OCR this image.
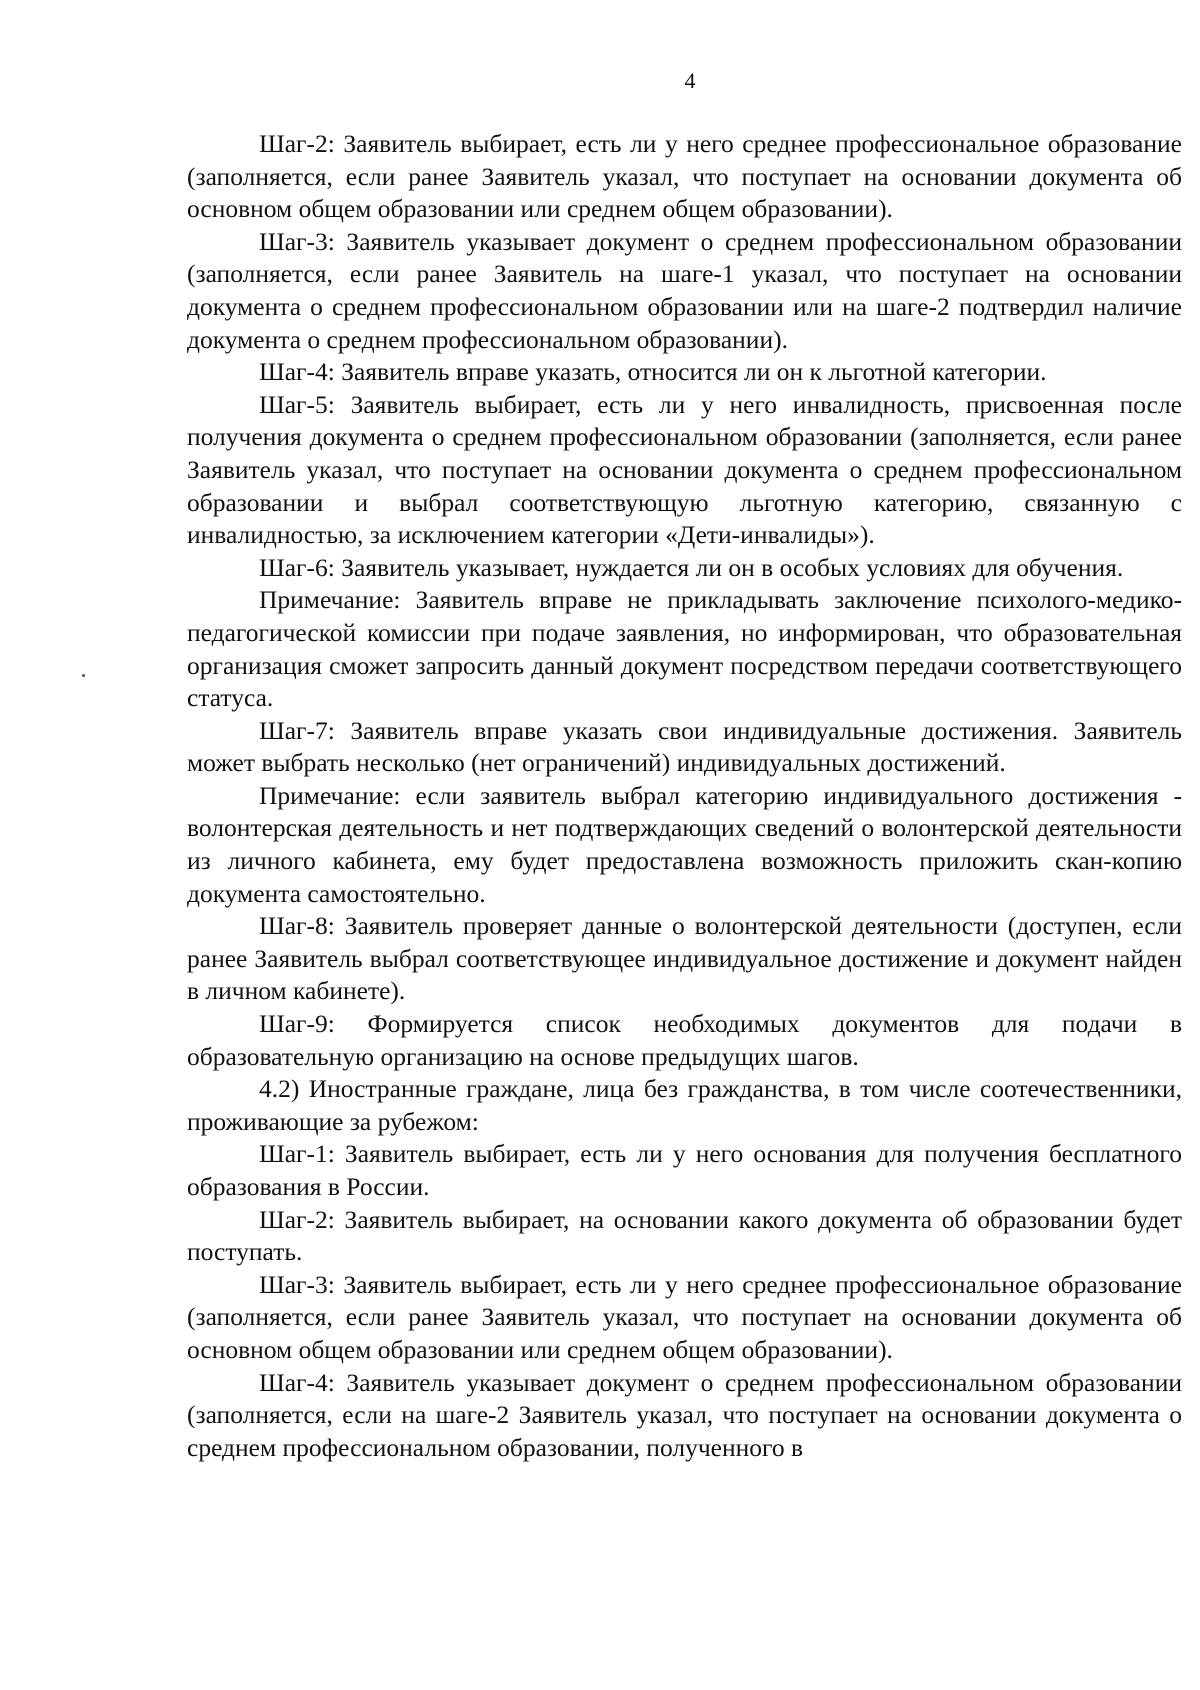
4

Шаг-2: Заявитель выбирает, есть ли у него среднее профессиональное образование (заполняется, если ранее Заявитель указал, что поступает на основании документа об основном общем образовании или среднем общем образовании).

Шаг-3: Заявитель указывает документ о среднем профессиональном образовании (заполняется, если ранее Заявитель на шаге-1 указал, что поступает на основании документа о среднем профессиональном образовании или на шаге-2 подтвердил наличие документа о среднем профессиональном образовании).

Шаг-4: Заявитель вправе указать, относится ли он к льготной категории.

Шаг-5: Заявитель выбирает, есть ли у него инвалидность, присвоенная после получения документа о среднем профессиональном образовании (заполняется, если ранее Заявитель указал, что поступает на основании документа о среднем профессиональном образовании и выбрал соответствующую льготную категорию, связанную с инвалидностью, за исключением категории «Дети-инвалиды»).

Шаг-6: Заявитель указывает, нуждается ли он в особых условиях для обучения.

Примечание: Заявитель вправе не прикладывать заключение психолого-медико-педагогической комиссии при подаче заявления, но информирован, что образовательная организация сможет запросить данный документ посредством передачи соответствующего статуса.

Шаг-7: Заявитель вправе указать свои индивидуальные достижения. Заявитель может выбрать несколько (нет ограничений) индивидуальных достижений.

Примечание: если заявитель выбрал категорию индивидуального достижения - волонтерская деятельность и нет подтверждающих сведений о волонтерской деятельности из личного кабинета, ему будет предоставлена возможность приложить скан-копию документа самостоятельно.

Шаг-8: Заявитель проверяет данные о волонтерской деятельности (доступен, если ранее Заявитель выбрал соответствующее индивидуальное достижение и документ найден в личном кабинете).

Шаг-9: Формируется список необходимых документов для подачи в образовательную организацию на основе предыдущих шагов.

4.2) Иностранные граждане, лица без гражданства, в том числе соотечественники, проживающие за рубежом:

Шаг-1: Заявитель выбирает, есть ли у него основания для получения бесплатного образования в России.

Шаг-2: Заявитель выбирает, на основании какого документа об образовании будет поступать.

Шаг-3: Заявитель выбирает, есть ли у него среднее профессиональное образование (заполняется, если ранее Заявитель указал, что поступает на основании документа об основном общем образовании или среднем общем образовании).

Шаг-4: Заявитель указывает документ о среднем профессиональном образовании (заполняется, если на шаге-2 Заявитель указал, что поступает на основании документа о среднем профессиональном образовании, полученного в
